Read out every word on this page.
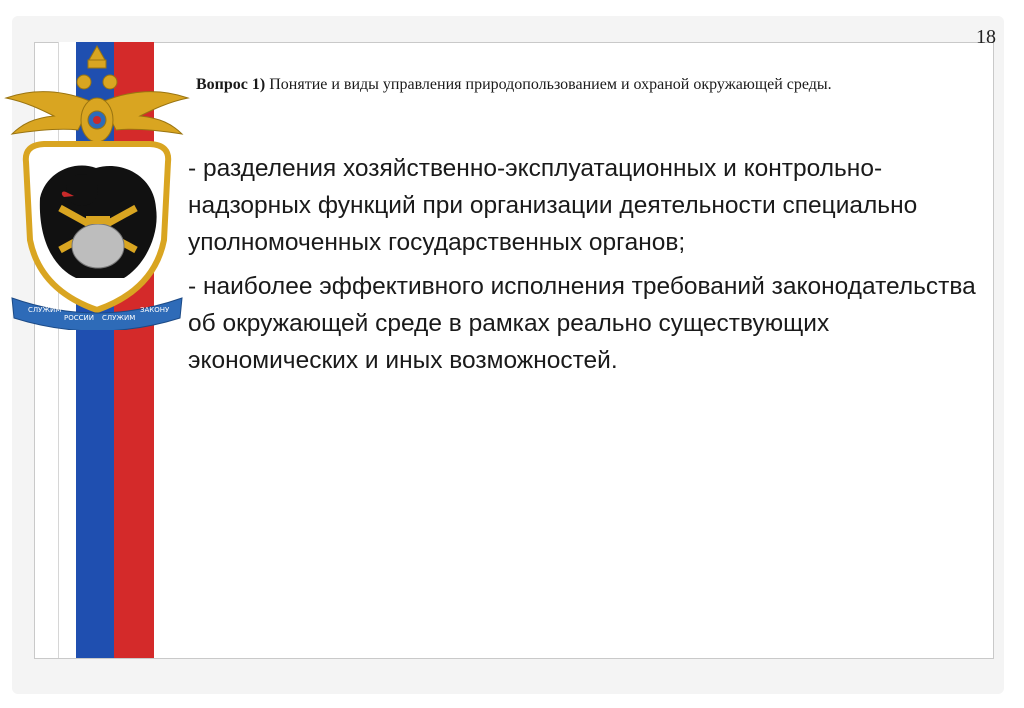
СЛУЖИМ
РОССИИ СЛУЖИМ
ЗАКОНУ
18
Вопрос 1) Понятие и виды управления природопользованием и охраной окружающей среды.
- разделения хозяйственно-эксплуатационных и контрольно-надзорных функций при организации деятельности специально уполномоченных государственных органов;
- наиболее эффективного исполнения требований законодательства об окружающей среде в рамках реально существующих экономических и иных возможностей.
